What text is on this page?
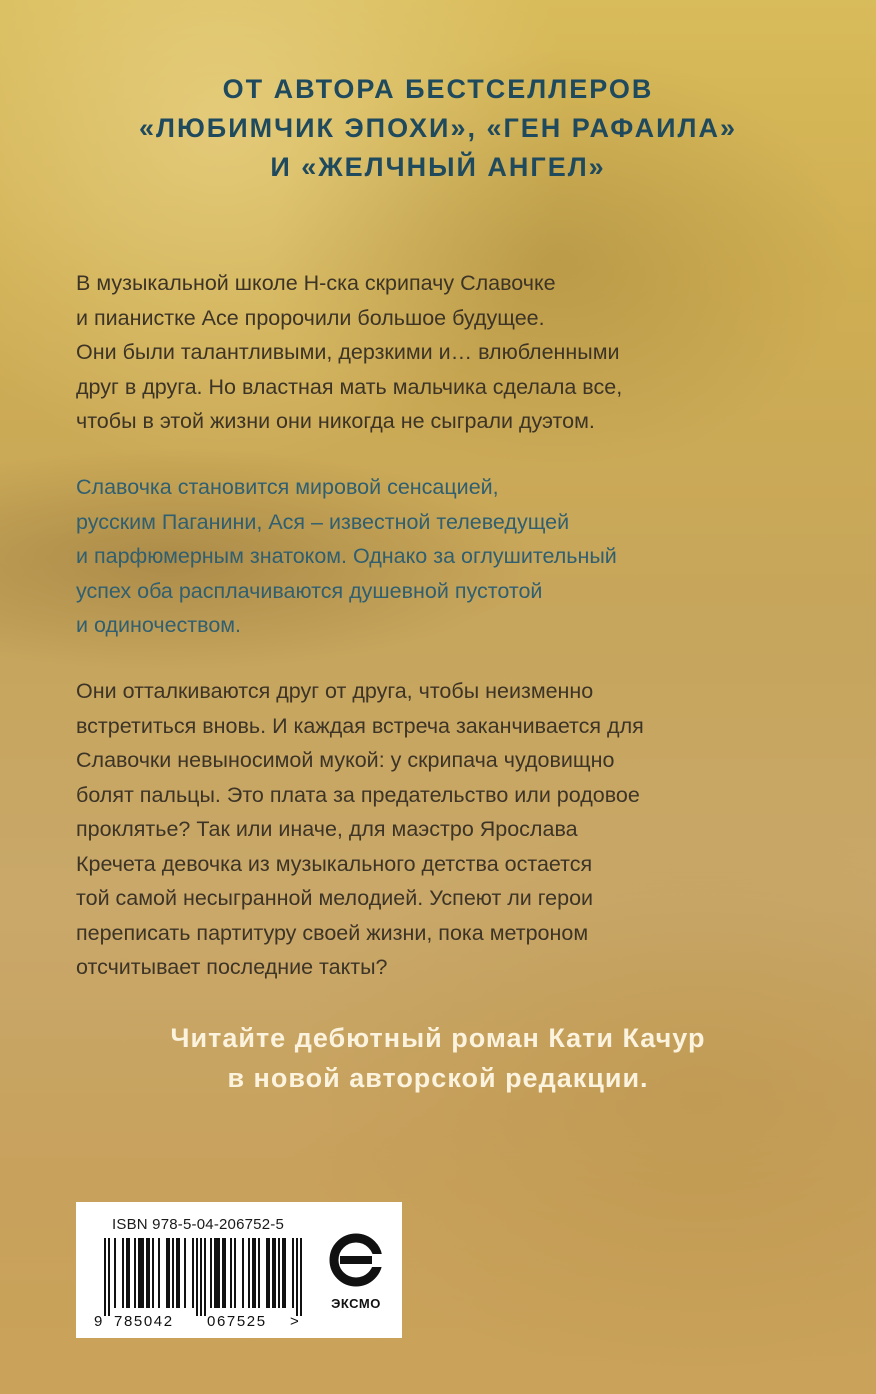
ОТ АВТОРА БЕСТСЕЛЛЕРОВ
«ЛЮБИМЧИК ЭПОХИ», «ГЕН РАФАИЛА»
И «ЖЕЛЧНЫЙ АНГЕЛ»
В музыкальной школе Н-ска скрипачу Славочке
и пианистке Асе пророчили большое будущее.
Они были талантливыми, дерзкими и… влюбленными
друг в друга. Но властная мать мальчика сделала все,
чтобы в этой жизни они никогда не сыграли дуэтом.
Славочка становится мировой сенсацией,
русским Паганини, Ася – известной телеведущей
и парфюмерным знатоком. Однако за оглушительный
успех оба расплачиваются душевной пустотой
и одиночеством.
Они отталкиваются друг от друга, чтобы неизменно
встретиться вновь. И каждая встреча заканчивается для
Славочки невыносимой мукой: у скрипача чудовищно
болят пальцы. Это плата за предательство или родовое
проклятье? Так или иначе, для маэстро Ярослава
Кречета девочка из музыкального детства остается
той самой несыгранной мелодией. Успеют ли герои
переписать партитуру своей жизни, пока метроном
отсчитывает последние такты?
Читайте дебютный роман Кати Качур
в новой авторской редакции.
ISBN 978-5-04-206752-5
9 785042 067525 >
ЭКСМО
